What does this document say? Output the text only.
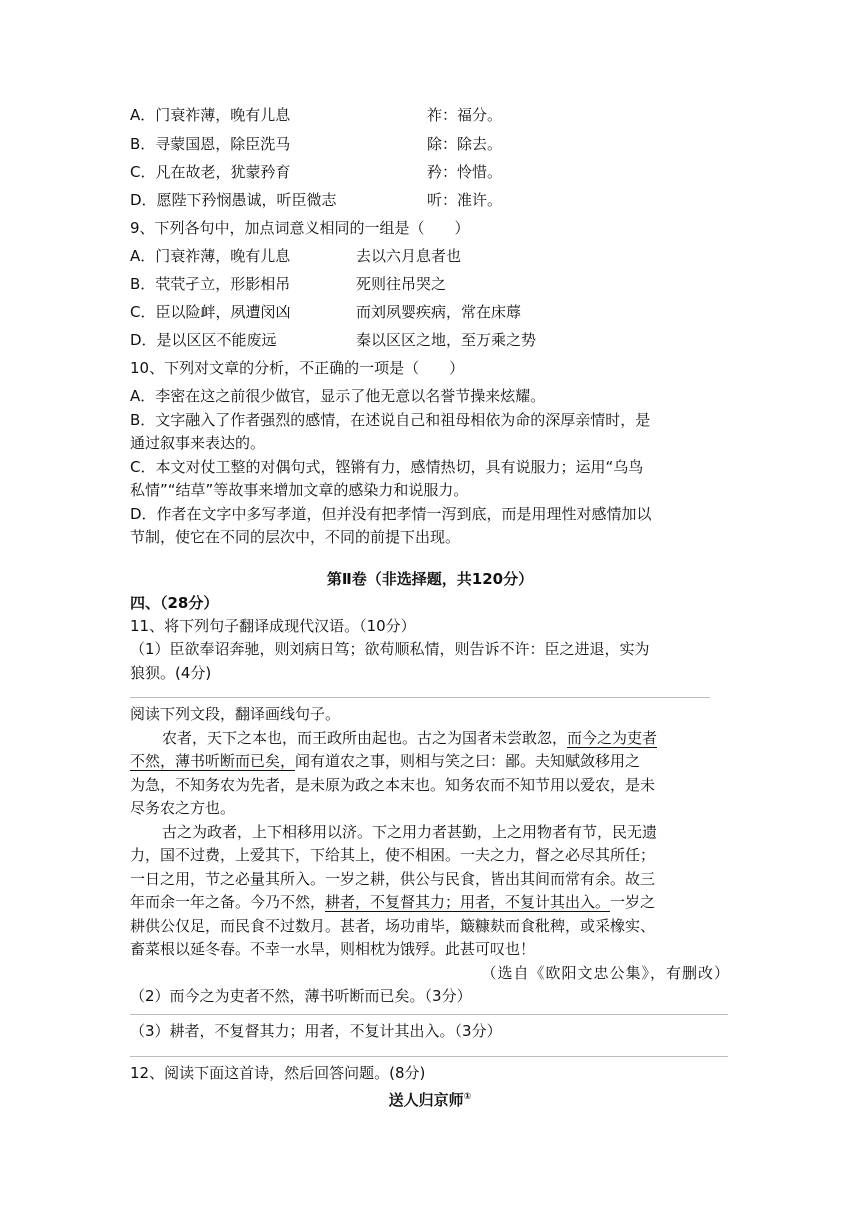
A．门衰祚薄，晚有儿息	祚：福分。
B．寻蒙国恩，除臣洗马	除：除去。
C．凡在故老，犹蒙矜育	矜：怜惜。
D．愿陛下矜悯愚诚，听臣微志	听：准许。
9、下列各句中，加点词意义相同的一组是（　　）
A．门衰祚薄，晚有儿息	去以六月息者也
B．茕茕孑立，形影相吊	死则往吊哭之
C．臣以险衅，夙遭闵凶	而刘夙婴疾病，常在床蓐
D．是以区区不能废远	秦以区区之地，至万乘之势
10、下列对文章的分析，不正确的一项是（　　）
A．李密在这之前很少做官，显示了他无意以名誉节操来炫耀。
B．文字融入了作者强烈的感情，在述说自己和祖母相依为命的深厚亲情时，是
通过叙事来表达的。
C．本文对仗工整的对偶句式，铿锵有力，感情热切，具有说服力；运用“乌鸟
私情”“结草”等故事来增加文章的感染力和说服力。
D．作者在文字中多写孝道，但并没有把孝情一泻到底，而是用理性对感情加以
节制，使它在不同的层次中，不同的前提下出现。
第Ⅱ卷（非选择题，共120分）
四、（28分）
11、将下列句子翻译成现代汉语。（10分）
（1）臣欲奉诏奔驰，则刘病日笃；欲苟顺私情，则告诉不许：臣之进退，实为
狼狈。(4分)
阅读下列文段，翻译画线句子。
农者，天下之本也，而王政所由起也。古之为国者未尝敢忽，而今之为吏者
不然，薄书听断而已矣，闻有道农之事，则相与笑之曰：鄙。夫知赋敛移用之
为急，不知务农为先者，是未原为政之本末也。知务农而不知节用以爱农，是未
尽务农之方也。
古之为政者，上下相移用以济。下之用力者甚勤，上之用物者有节，民无遗
力，国不过费，上爱其下，下给其上，使不相困。一夫之力，督之必尽其所任；
一日之用，节之必量其所入。一岁之耕，供公与民食，皆出其间而常有余。故三
年而余一年之备。今乃不然，耕者，不复督其力；用者，不复计其出入。一岁之
耕供公仅足，而民食不过数月。甚者，场功甫毕，簸糠麸而食秕稗，或采橡实、
畜菜根以延冬春。不幸一水旱，则相枕为饿殍。此甚可叹也！
（选自《欧阳文忠公集》，有删改）
（2）而今之为吏者不然，薄书听断而已矣。（3分）
（3）耕者，不复督其力；用者，不复计其出入。（3分）
12、阅读下面这首诗，然后回答问题。(8分)
送人归京师①
